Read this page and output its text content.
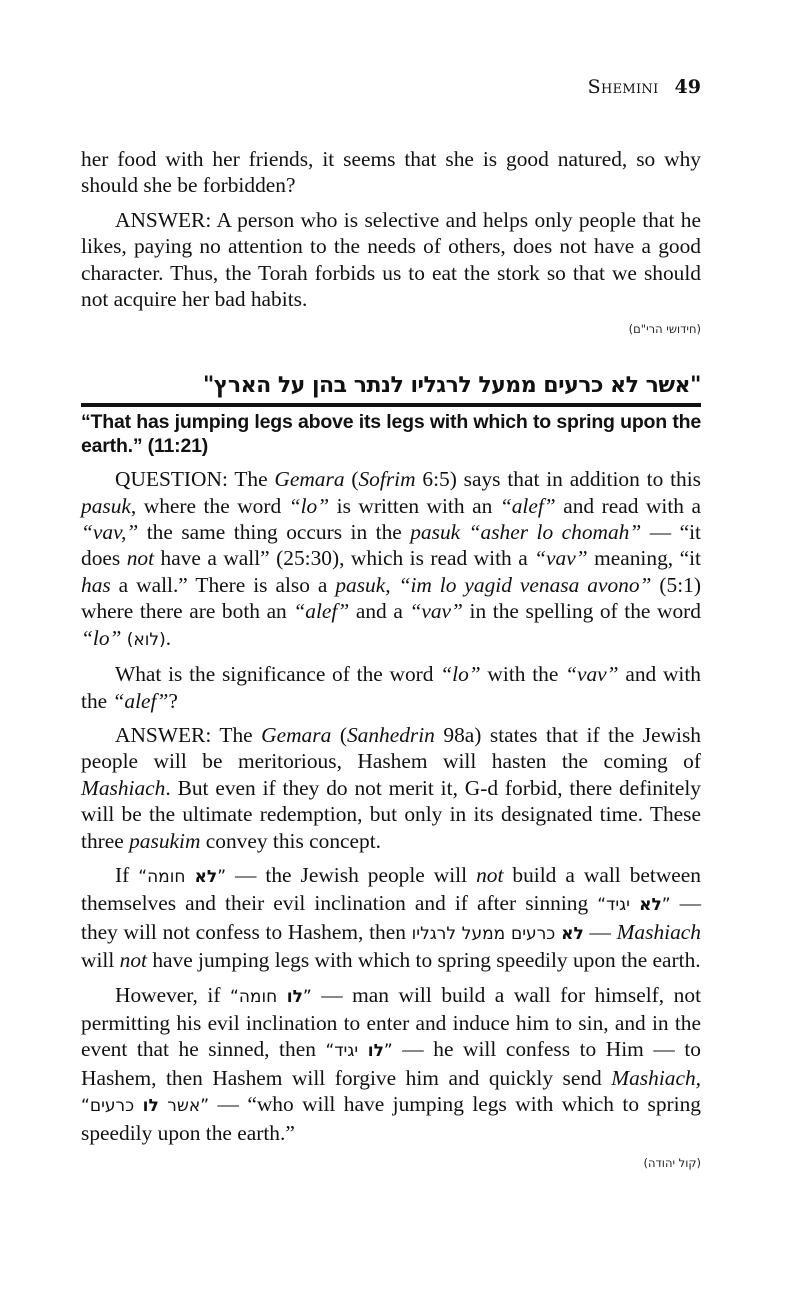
Shemini 49

her food with her friends, it seems that she is good natured, so why should she be forbidden?

ANSWER: A person who is selective and helps only people that he likes, paying no attention to the needs of others, does not have a good character. Thus, the Torah forbids us to eat the stork so that we should not acquire her bad habits.

(חידושי הרי"ם)
"אשר לא כרעים ממעל לרגליו לנתר בהן על הארץ"
“That has jumping legs above its legs with which to spring upon the earth.” (11:21)

QUESTION: The Gemara (Sofrim 6:5) says that in addition to this pasuk, where the word “lo” is written with an “alef” and read with a “vav,” the same thing occurs in the pasuk “asher lo chomah” — “it does not have a wall” (25:30), which is read with a “vav” meaning, “it has a wall.” There is also a pasuk, “im lo yagid venasa avono” (5:1) where there are both an “alef” and a “vav” in the spelling of the word “lo” (לוא).

What is the significance of the word “lo” with the “vav” and with the “alef”?

ANSWER: The Gemara (Sanhedrin 98a) states that if the Jewish people will be meritorious, Hashem will hasten the coming of Mashiach. But even if they do not merit it, G-d forbid, there definitely will be the ultimate redemption, but only in its designated time. These three pasukim convey this concept.

If	”לא חומה“	— the Jewish people will not build a wall between themselves and their evil inclination and if after sinning	”לא יגיד“	— they will not confess to Hashem, then	לא כרעים ממעל לרגליו — Mashiach will not have jumping legs with which to spring speedily upon the earth.

However, if	”לו חומה“	— man will build a wall for himself, not permitting his evil inclination to enter and induce him to sin, and in the event that he sinned, then	”לו יגיד“	— he will confess to Him — to Hashem, then Hashem will forgive him and quickly send Mashiach, ”אשר לו כרעים“	— “who will have jumping legs with which to spring speedily upon the earth.”

(קול יהודה)
